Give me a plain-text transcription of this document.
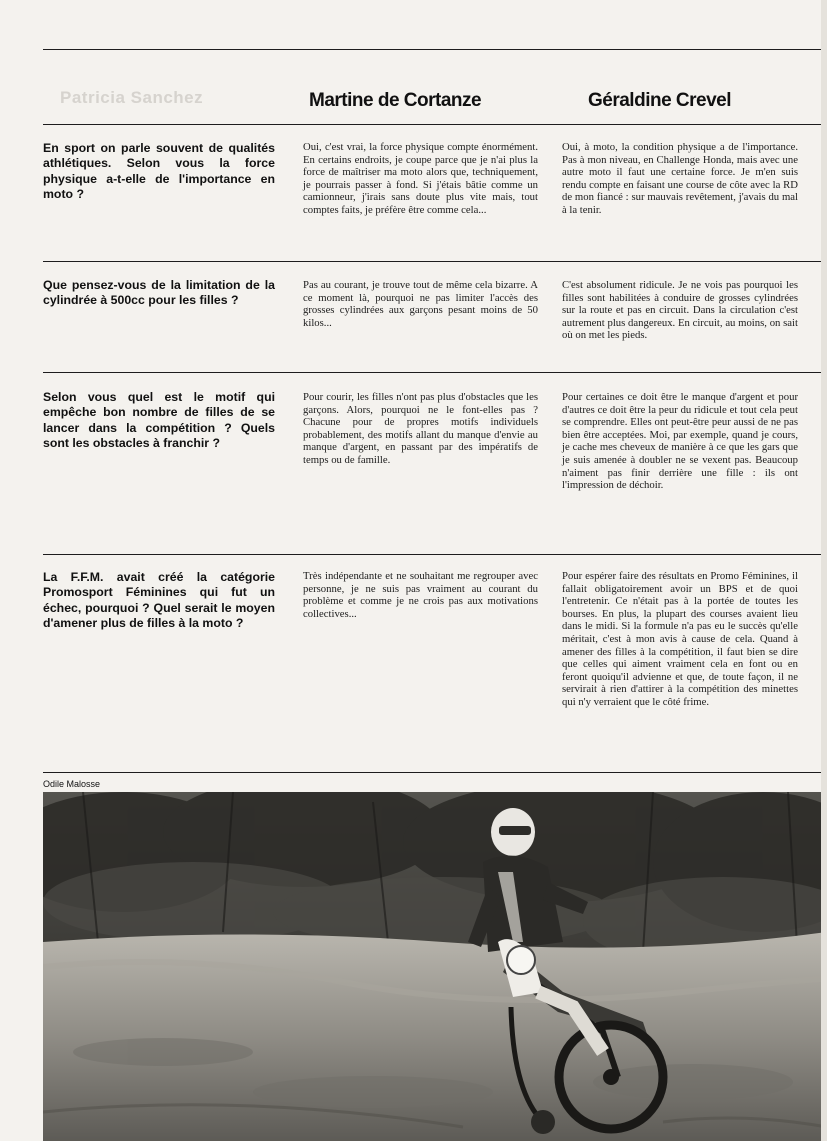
Patricia Sanchez	Martine de Cortanze	Géraldine Crevel
En sport on parle souvent de qualités athlétiques. Selon vous la force physique a-t-elle de l'importance en moto ?
Oui, c'est vrai, la force physique compte énormément. En certains endroits, je coupe parce que je n'ai plus la force de maîtriser ma moto alors que, techniquement, je pourrais passer à fond. Si j'étais bâtie comme un camionneur, j'irais sans doute plus vite mais, tout comptes faits, je préfère être comme cela...
Oui, à moto, la condition physique a de l'importance. Pas à mon niveau, en Challenge Honda, mais avec une autre moto il faut une certaine force. Je m'en suis rendu compte en faisant une course de côte avec la RD de mon fiancé : sur mauvais revêtement, j'avais du mal à la tenir.
Que pensez-vous de la limitation de la cylindrée à 500cc pour les filles ?
Pas au courant, je trouve tout de même cela bizarre. A ce moment là, pourquoi ne pas limiter l'accès des grosses cylindrées aux garçons pesant moins de 50 kilos...
C'est absolument ridicule. Je ne vois pas pourquoi les filles sont habilitées à conduire de grosses cylindrées sur la route et pas en circuit. Dans la circulation c'est autrement plus dangereux. En circuit, au moins, on sait où on met les pieds.
Selon vous quel est le motif qui empêche bon nombre de filles de se lancer dans la compétition ? Quels sont les obstacles à franchir ?
Pour courir, les filles n'ont pas plus d'obstacles que les garçons. Alors, pourquoi ne le font-elles pas ? Chacune pour de propres motifs individuels probablement, des motifs allant du manque d'envie au manque d'argent, en passant par des impératifs de temps ou de famille.
Pour certaines ce doit être le manque d'argent et pour d'autres ce doit être la peur du ridicule et tout cela peut se comprendre. Elles ont peut-être peur aussi de ne pas bien être acceptées. Moi, par exemple, quand je cours, je cache mes cheveux de manière à ce que les gars que je suis amenée à doubler ne se vexent pas. Beaucoup n'aiment pas finir derrière une fille : ils ont l'impression de déchoir.
La F.F.M. avait créé la catégorie Promosport Féminines qui fut un échec, pourquoi ? Quel serait le moyen d'amener plus de filles à la moto ?
Très indépendante et ne souhaitant me regrouper avec personne, je ne suis pas vraiment au courant du problème et comme je ne crois pas aux motivations collectives...
Pour espérer faire des résultats en Promo Féminines, il fallait obligatoirement avoir un BPS et de quoi l'entretenir. Ce n'était pas à la portée de toutes les bourses. En plus, la plupart des courses avaient lieu dans le midi. Si la formule n'a pas eu le succès qu'elle méritait, c'est à mon avis à cause de cela. Quand à amener des filles à la compétition, il faut bien se dire que celles qui aiment vraiment cela en font ou en feront quoiqu'il advienne et que, de toute façon, il ne servirait à rien d'attirer à la compétition des minettes qui n'y verraient que le côté frime.
Odile Malosse
